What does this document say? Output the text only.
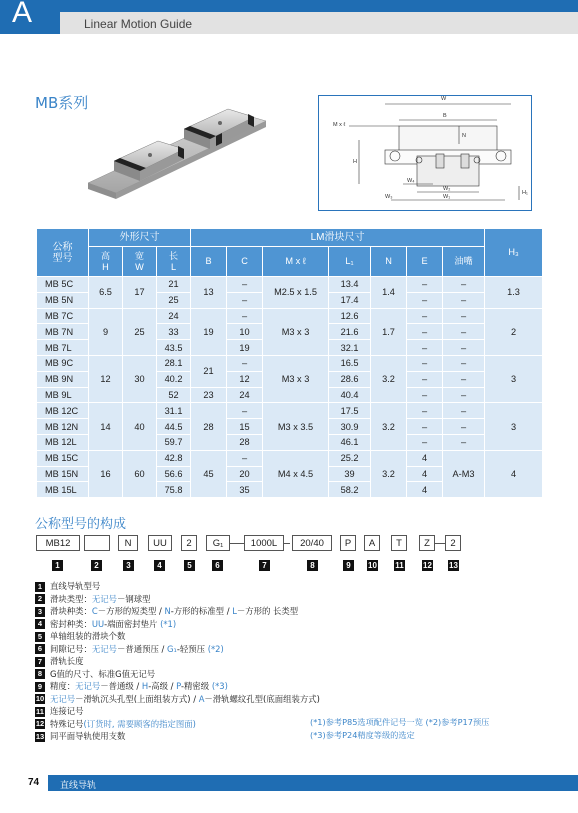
A	Linear Motion Guide
MB系列	W
B
M x ℓ
N
H
W₄
W₂
W₃	W₁
H₁
公称
型号	外形尺寸			LM滑块尺寸							H₃
	高
H	宽
W	长
L	B	C	M x ℓ	L₁	N	E	油嘴	
MB 5C	6.5	17	21	13	–	M2.5 x 1.5	13.4	1.4	–	–	1.3
MB 5N			25		–		17.4		–	–	
MB 7C	9	25	24	19	–	M3 x 3	12.6	1.7	–	–	2
MB 7N			33		10		21.6		–	–	
MB 7L			43.5		19		32.1		–	–	
MB 9C	12	30	28.1	21	–	M3 x 3	16.5	3.2	–	–	3
MB 9N			40.2		12		28.6		–	–	
MB 9L			52	23	24		40.4		–	–	
MB 12C	14	40	31.1	28	–	M3 x 3.5	17.5	3.2	–	–	3
MB 12N			44.5		15		30.9		–	–	
MB 12L			59.7		28		46.1		–	–	
MB 15C	16	60	42.8	45	–	M4 x 4.5	25.2	3.2	4	A-M3	4
MB 15N			56.6		20		39		4		
MB 15L			75.8		35		58.2		4		
公称型号的构成
MB12	N	UU	2	G₁	1000L	20/40	P	A	T	Z	2
1	2	3	4	5	6	7	8	9	10 11 12 13
1 直线导轨型号
2 滑块类型：无记号－钢球型
3 滑块种类：C－方形的短类型 / N-方形的标准型 / L－方形的 长类型
4 密封种类：UU-端面密封垫片 (*1)
5 单轴组装的滑块个数
6 间隙记号：无记号－普通预压 / G₁-轻预压 (*2)
7 滑轨长度
8 G值的尺寸、标准G值无记号
9 精度：无记号－普通级 / H-高级 / P-精密级 (*3)
10 无记号－滑轨沉头孔型(上面组装方式) / A－滑轨螺纹孔型(底面组装方式)
11 连接记号
12 特殊记号(订货时, 需要顾客的指定图面)
13 同平面导轨使用支数
(*1)参考P85选项配件记号一览 (*2)参考P17预压
(*3)参考P24精度等级的选定
74 直线导轨
